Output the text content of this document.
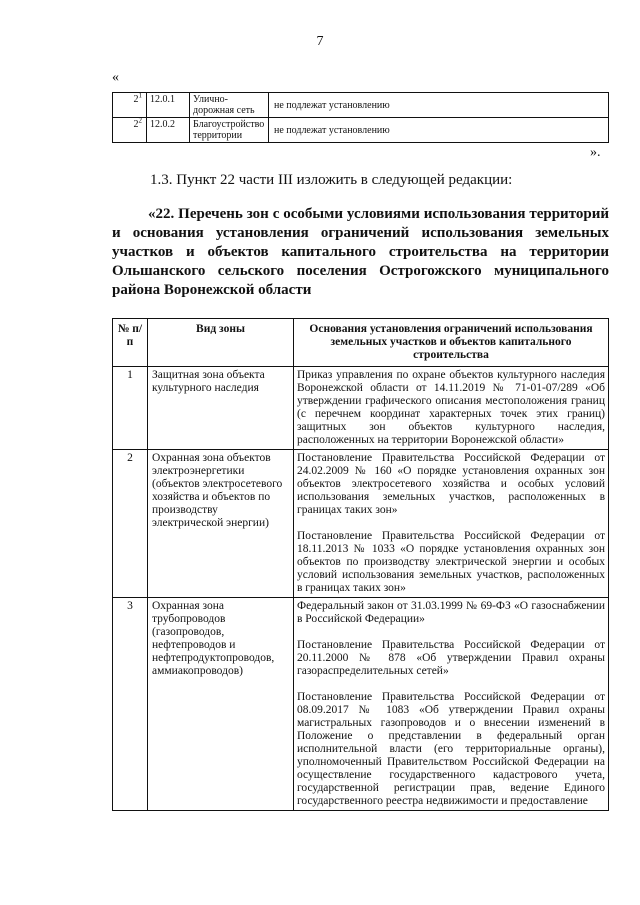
7
«
$2^1$	12.0.1	Улично-дорожная сеть	не подлежат установлению
$2^2$	12.0.2	Благоустройство территории	не подлежат установлению
».
1.3. Пункт 22 части III изложить в следующей редакции:
«22. Перечень зон с особыми условиями использования территорий и основания установления ограничений использования земельных участков и объектов капитального строительства на территории Ольшанского сельского поселения Острогожского муниципального района Воронежской области
№ п/п	Вид зоны	Основания установления ограничений использования земельных участков и объектов капитального строительства
1	Защитная зона объекта культурного наследия	Приказ управления по охране объектов культурного наследия Воронежской области от 14.11.2019 № 71-01-07/289 «Об утверждении графического описания местоположения границ (с перечнем координат характерных точек этих границ) защитных зон объектов культурного наследия, расположенных на территории Воронежской области»

2	Охранная зона объектов электроэнергетики (объектов электросетевого хозяйства и объектов по производству электрической энергии)	Постановление Правительства Российской Федерации от 24.02.2009 № 160 «О порядке установления охранных зон объектов электросетевого хозяйства и особых условий использования земельных участков, расположенных в границах таких зон»

Постановление Правительства Российской Федерации от 18.11.2013 № 1033 «О порядке установления охранных зон объектов по производству электрической энергии и особых условий использования земельных участков, расположенных в границах таких зон»

3	Охранная зона трубопроводов (газопроводов, нефтепроводов и нефтепродуктопроводов, аммиакопроводов)	Федеральный закон от 31.03.1999 № 69-ФЗ «О газоснабжении в Российской Федерации»

Постановление Правительства Российской Федерации от 20.11.2000 № 878 «Об утверждении Правил охраны газораспределительных сетей»

Постановление Правительства Российской Федерации от 08.09.2017 № 1083 «Об утверждении Правил охраны магистральных газопроводов и о внесении изменений в Положение о представлении в федеральный орган исполнительной власти (его территориальные органы), уполномоченный Правительством Российской Федерации на осуществление государственного кадастрового учета, государственной регистрации прав, ведение Единого государственного реестра недвижимости и предоставление
